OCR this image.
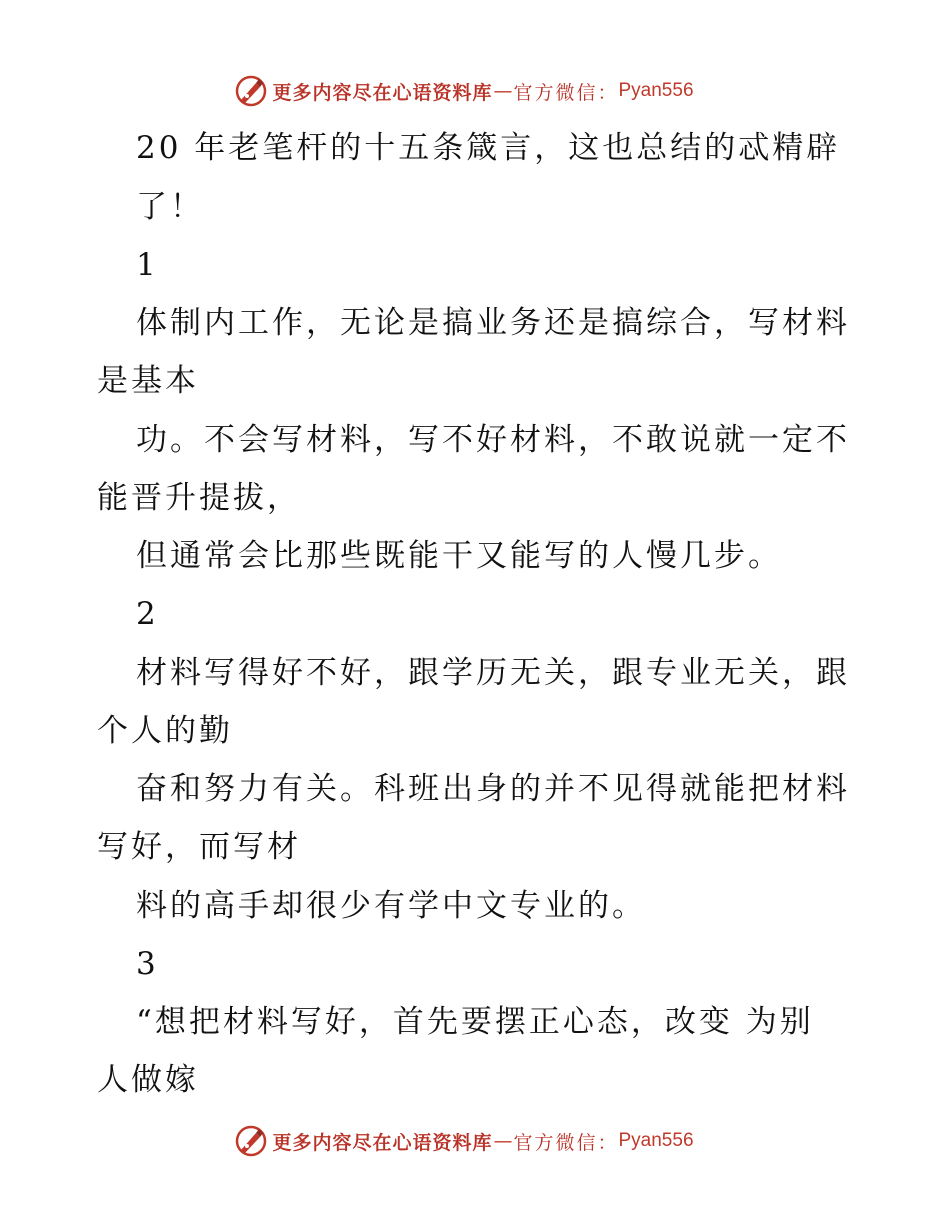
更多内容尽在心语资料库 — 官方微信： Pyan556
20 年老笔杆的十五条箴言，这也总结的忒精辟
了！
1
体制内工作，无论是搞业务还是搞综合，写材料
是基本
功。不会写材料，写不好材料，不敢说就一定不
能晋升提拔，
但通常会比那些既能干又能写的人慢几步。
2
材料写得好不好，跟学历无关，跟专业无关，跟
个人的勤
奋和努力有关。科班出身的并不见得就能把材料
写好，而写材
料的高手却很少有学中文专业的。
3
“想把材料写好，首先要摆正心态，改变 为别
人做嫁
更多内容尽在心语资料库 — 官方微信： Pyan556
